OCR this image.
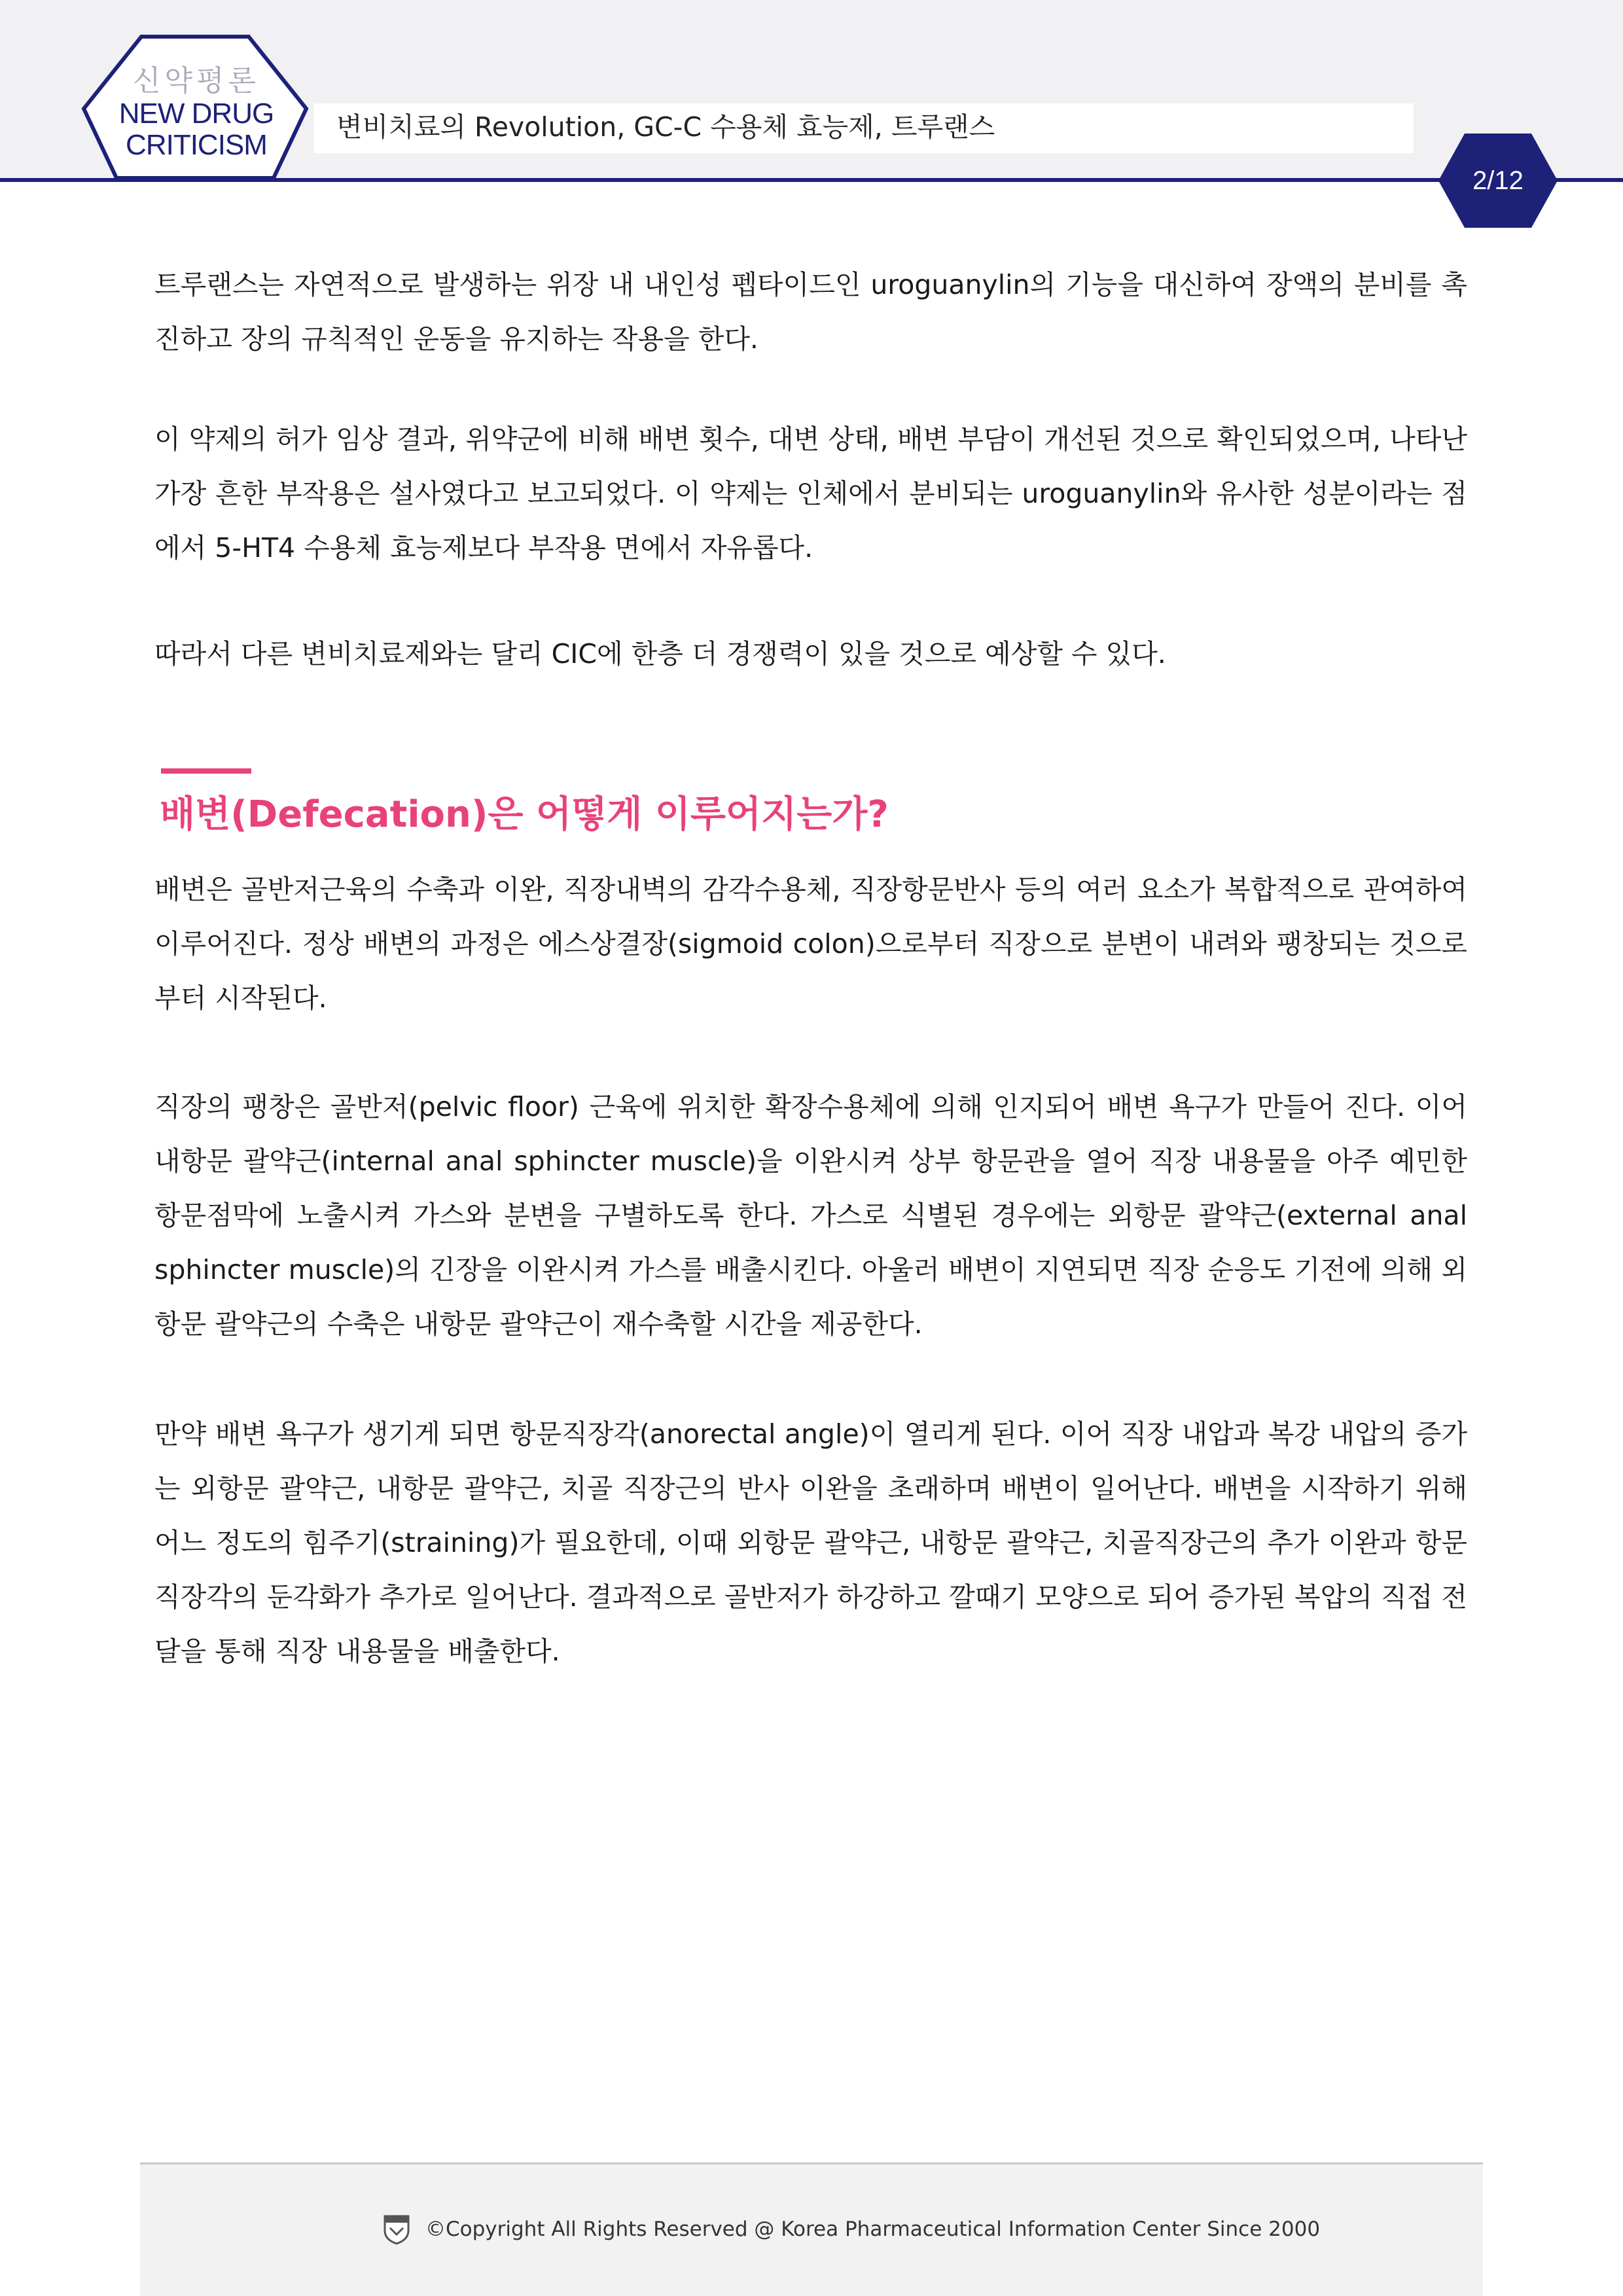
신약평론
NEW DRUG
CRITICISM
변비치료의 Revolution, GC-C 수용체 효능제, 트루랜스
2/12

트루랜스는 자연적으로 발생하는 위장 내 내인성 펩타이드인 uroguanylin의 기능을 대신하여 장액의 분비를 촉진하고 장의 규칙적인 운동을 유지하는 작용을 한다.

이 약제의 허가 임상 결과, 위약군에 비해 배변 횟수, 대변 상태, 배변 부담이 개선된 것으로 확인되었으며, 나타난 가장 흔한 부작용은 설사였다고 보고되었다. 이 약제는 인체에서 분비되는 uroguanylin와 유사한 성분이라는 점에서 5-HT4 수용체 효능제보다 부작용 면에서 자유롭다.

따라서 다른 변비치료제와는 달리 CIC에 한층 더 경쟁력이 있을 것으로 예상할 수 있다.

배변(Defecation)은 어떻게 이루어지는가?

배변은 골반저근육의 수축과 이완, 직장내벽의 감각수용체, 직장항문반사 등의 여러 요소가 복합적으로 관여하여 이루어진다. 정상 배변의 과정은 에스상결장(sigmoid colon)으로부터 직장으로 분변이 내려와 팽창되는 것으로부터 시작된다.

직장의 팽창은 골반저(pelvic floor) 근육에 위치한 확장수용체에 의해 인지되어 배변 욕구가 만들어 진다. 이어 내항문 괄약근(internal anal sphincter muscle)을 이완시켜 상부 항문관을 열어 직장 내용물을 아주 예민한 항문점막에 노출시켜 가스와 분변을 구별하도록 한다. 가스로 식별된 경우에는 외항문 괄약근(external anal sphincter muscle)의 긴장을 이완시켜 가스를 배출시킨다. 아울러 배변이 지연되면 직장 순응도 기전에 의해 외항문 괄약근의 수축은 내항문 괄약근이 재수축할 시간을 제공한다.

만약 배변 욕구가 생기게 되면 항문직장각(anorectal angle)이 열리게 된다. 이어 직장 내압과 복강 내압의 증가는 외항문 괄약근, 내항문 괄약근, 치골 직장근의 반사 이완을 초래하며 배변이 일어난다. 배변을 시작하기 위해 어느 정도의 힘주기(straining)가 필요한데, 이때 외항문 괄약근, 내항문 괄약근, 치골직장근의 추가 이완과 항문직장각의 둔각화가 추가로 일어난다. 결과적으로 골반저가 하강하고 깔때기 모양으로 되어 증가된 복압의 직접 전달을 통해 직장 내용물을 배출한다.

©Copyright All Rights Reserved @ Korea Pharmaceutical Information Center Since 2000
